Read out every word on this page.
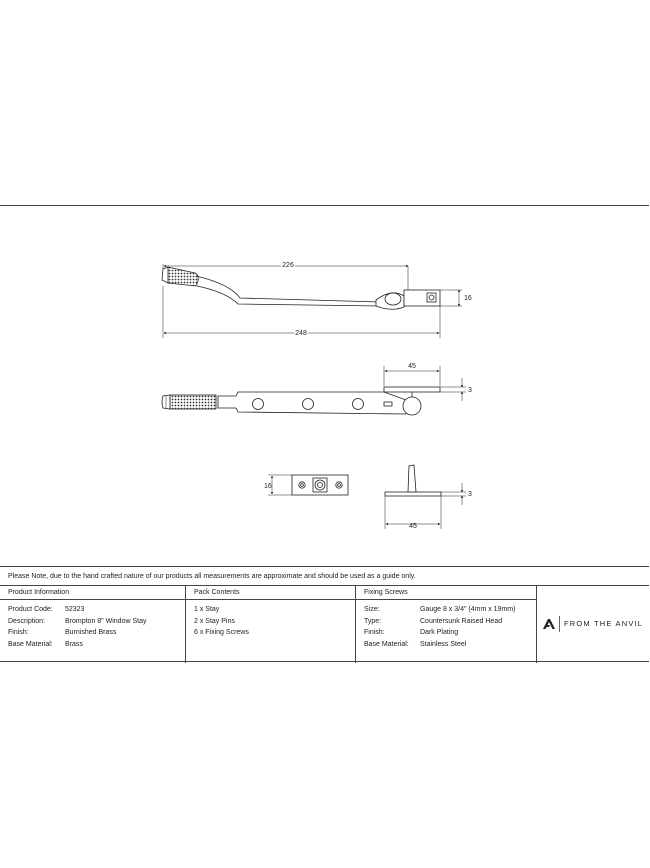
226
16
248
45
3
16
45
3
Please Note, due to the hand crafted nature of our products all measurements are approximate and should be used as a guide only.
Product Information
Product Code: 52323
Description:	Brompton 8" Window Stay
Finish:	Burnished Brass
Base Material: Brass
Pack Contents
1 x Stay
2 x Stay Pins
6 x Fixing Screws
Fixing Screws
Size:	Gauge 8 x 3/4" (4mm x 19mm)
Type:	Countersunk Raised Head
Finish:	Dark Plating
Base Material: Stainless Steel
FROM THE ANVIL
